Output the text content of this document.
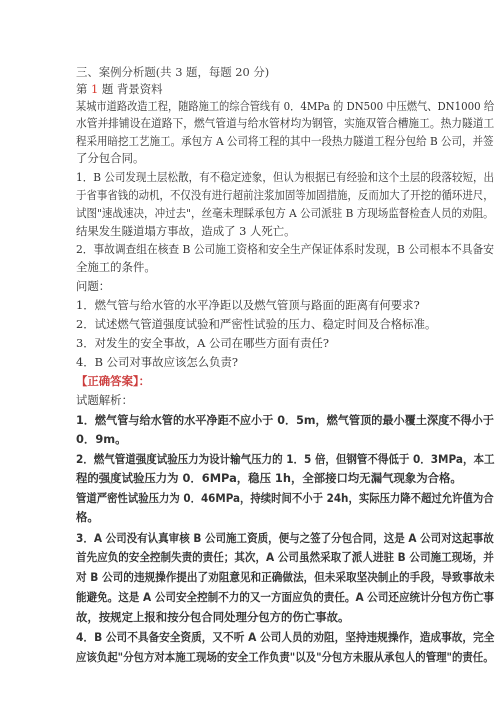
三、案例分析题(共 3 题，每题 20 分)
第 1 题 背景资料
某城市道路改造工程，随路施工的综合管线有 0．4MPa 的 DN500 中压燃气、DN1000 给
水管并排铺设在道路下，燃气管道与给水管材均为钢管，实施双管合槽施工。热力隧道工
程采用暗挖工艺施工。承包方 A 公司将工程的其中一段热力隧道工程分包给 B 公司，并签
了分包合同。
1．B 公司发现土层松散，有不稳定迹象，但认为根据已有经验和这个土层的段落较短，出
于省事省钱的动机，不仅没有进行超前注浆加固等加固措施，反而加大了开挖的循环进尺，
试图"速战速决，冲过去"，丝毫未理睬承包方 A 公司派驻 B 方现场监督检查人员的劝阻。
结果发生隧道塌方事故，造成了 3 人死亡。
2．事故调查组在核查 B 公司施工资格和安全生产保证体系时发现，B 公司根本不具备安
全施工的条件。
问题：
1．燃气管与给水管的水平净距以及燃气管顶与路面的距离有何要求?
2．试述燃气管道强度试验和严密性试验的压力、稳定时间及合格标准。
3．对发生的安全事故，A 公司在哪些方面有责任?
4．B 公司对事故应该怎么负责?
【正确答案】：
试题解析：
1．燃气管与给水管的水平净距不应小于 0．5m，燃气管顶的最小覆土深度不得小于
0．9m。
2．燃气管道强度试验压力为设计输气压力的 1．5 倍，但钢管不得低于 0．3MPa，本工
程的强度试验压力为 0．6MPa，稳压 1h，全部接口均无漏气现象为合格。
管道严密性试验压力为 0．46MPa，持续时间不小于 24h，实际压力降不超过允许值为合
格。
3．A 公司没有认真审核 B 公司施工资质，便与之签了分包合同，这是 A 公司对这起事故
首先应负的安全控制失责的责任；其次，A 公司虽然采取了派人进驻 B 公司施工现场，并
对 B 公司的违规操作提出了劝阻意见和正确做法，但未采取坚决制止的手段，导致事故未
能避免。这是 A 公司安全控制不力的又一方面应负的责任。A 公司还应统计分包方伤亡事
故，按规定上报和按分包合同处理分包方的伤亡事故。
4．B 公司不具备安全资质，又不听 A 公司人员的劝阻，坚持违规操作，造成事故，完全
应该负起"分包方对本施工现场的安全工作负责"以及"分包方未服从承包人的管理"的责任。
